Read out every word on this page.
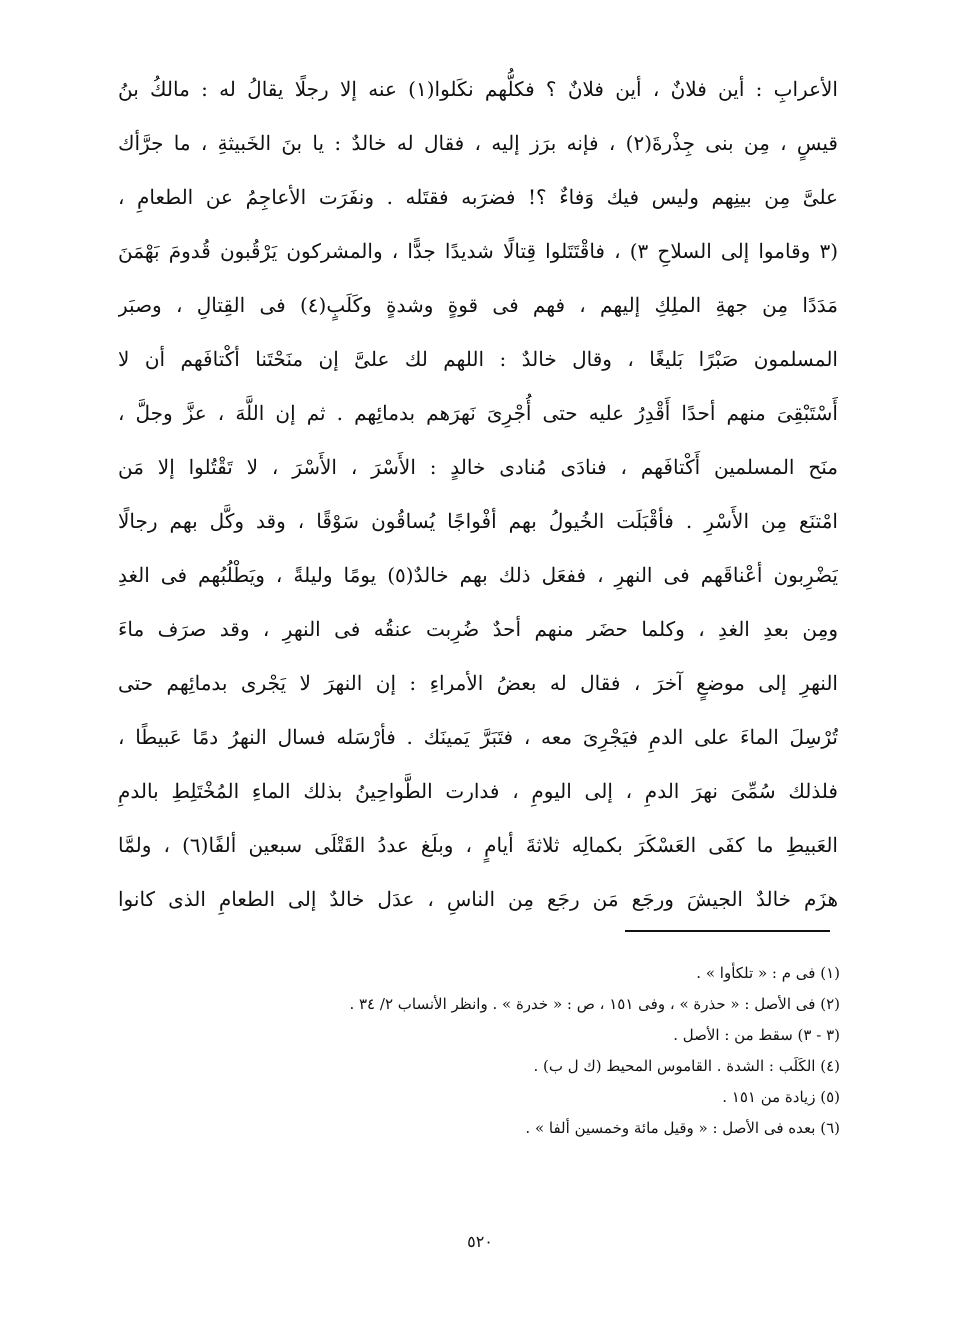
الأعرابِ : أين فلانٌ ، أين فلانٌ ؟ فكلُّهم نكَلوا(١) عنه إلا رجلًا يقالُ له : مالكُ بنُ
قيسٍ ، مِن بنى جِذْرةَ(٢) ، فإنه برَز إليه ، فقال له خالدٌ : يا بنَ الخَبيثةِ ، ما جرَّأك
علىَّ مِن بينِهم وليس فيك وَفاءٌ ؟! فضرَبه فقتَله . ونفَرَت الأعاجِمُ عن الطعامِ ،
(٣ وقاموا إلى السلاحِ ٣) ، فاقْتَتَلوا قِتالًا شديدًا جدًّا ، والمشركون يَرْقُبون قُدومَ بَهْمَنَ
مَدَدًا مِن جهةِ الملِكِ إليهم ، فهم فى قوةٍ وشدةٍ وكَلَبٍ(٤) فى القِتالِ ، وصبَر
المسلمون صَبْرًا بَليغًا ، وقال خالدٌ : اللهم لك علىَّ إن منَحْتَنا أكْتافَهم أن لا
أَسْتَبْقِىَ منهم أحدًا أَقْدِرُ عليه حتى أُجْرِىَ نَهرَهم بدمائِهم . ثم إن اللَّهَ ، عزَّ وجلَّ ،
منَح المسلمين أَكْتافَهم ، فنادَى مُنادى خالدٍ : الأَسْرَ ، الأَسْرَ ، لا تَقْتُلوا إلا مَن
امْتنَع مِن الأَسْرِ . فأقْبَلَت الخُيولُ بهم أفْواجًا يُساقُون سَوْقًا ، وقد وكَّل بهم رجالًا
يَضْرِبون أعْناقَهم فى النهرِ ، ففعَل ذلك بهم خالدٌ(٥) يومًا وليلةً ، ويَطْلُبُهم فى الغدِ
ومِن بعدِ الغدِ ، وكلما حضَر منهم أحدٌ ضُرِبت عنقُه فى النهرِ ، وقد صرَف ماءَ
النهرِ إلى موضعٍ آخرَ ، فقال له بعضُ الأمراءِ : إن النهرَ لا يَجْرى بدمائِهم حتى
تُرْسِلَ الماءَ على الدمِ فيَجْرِىَ معه ، فتَبَرَّ يَمينَك . فأرْسَله فسال النهرُ دمًا عَبيطًا ،
فلذلك سُمِّىَ نهرَ الدمِ ، إلى اليومِ ، فدارت الطَّواحِينُ بذلك الماءِ المُخْتَلِطِ بالدمِ
العَبيطِ ما كفَى العَسْكَرَ بكمالِه ثلاثةَ أيامٍ ، وبلَغ عددُ القَتْلَى سبعين ألفًا(٦) ، ولمَّا
هزَم خالدٌ الجيشَ ورجَع مَن رجَع مِن الناسِ ، عدَل خالدٌ إلى الطعامِ الذى كانوا
(١) فى م : « تلكأوا » .
(٢) فى الأصل : « حذرة » ، وفى ١٥١ ، ص : « خدرة » . وانظر الأنساب ٢/ ٣٤ .
(٣ - ٣) سقط من : الأصل .
(٤) الكَلَب : الشدة . القاموس المحيط (ك ل ب) .
(٥) زيادة من ١٥١ .
(٦) بعده فى الأصل : « وقيل مائة وخمسين ألفا » .
٥٢٠
